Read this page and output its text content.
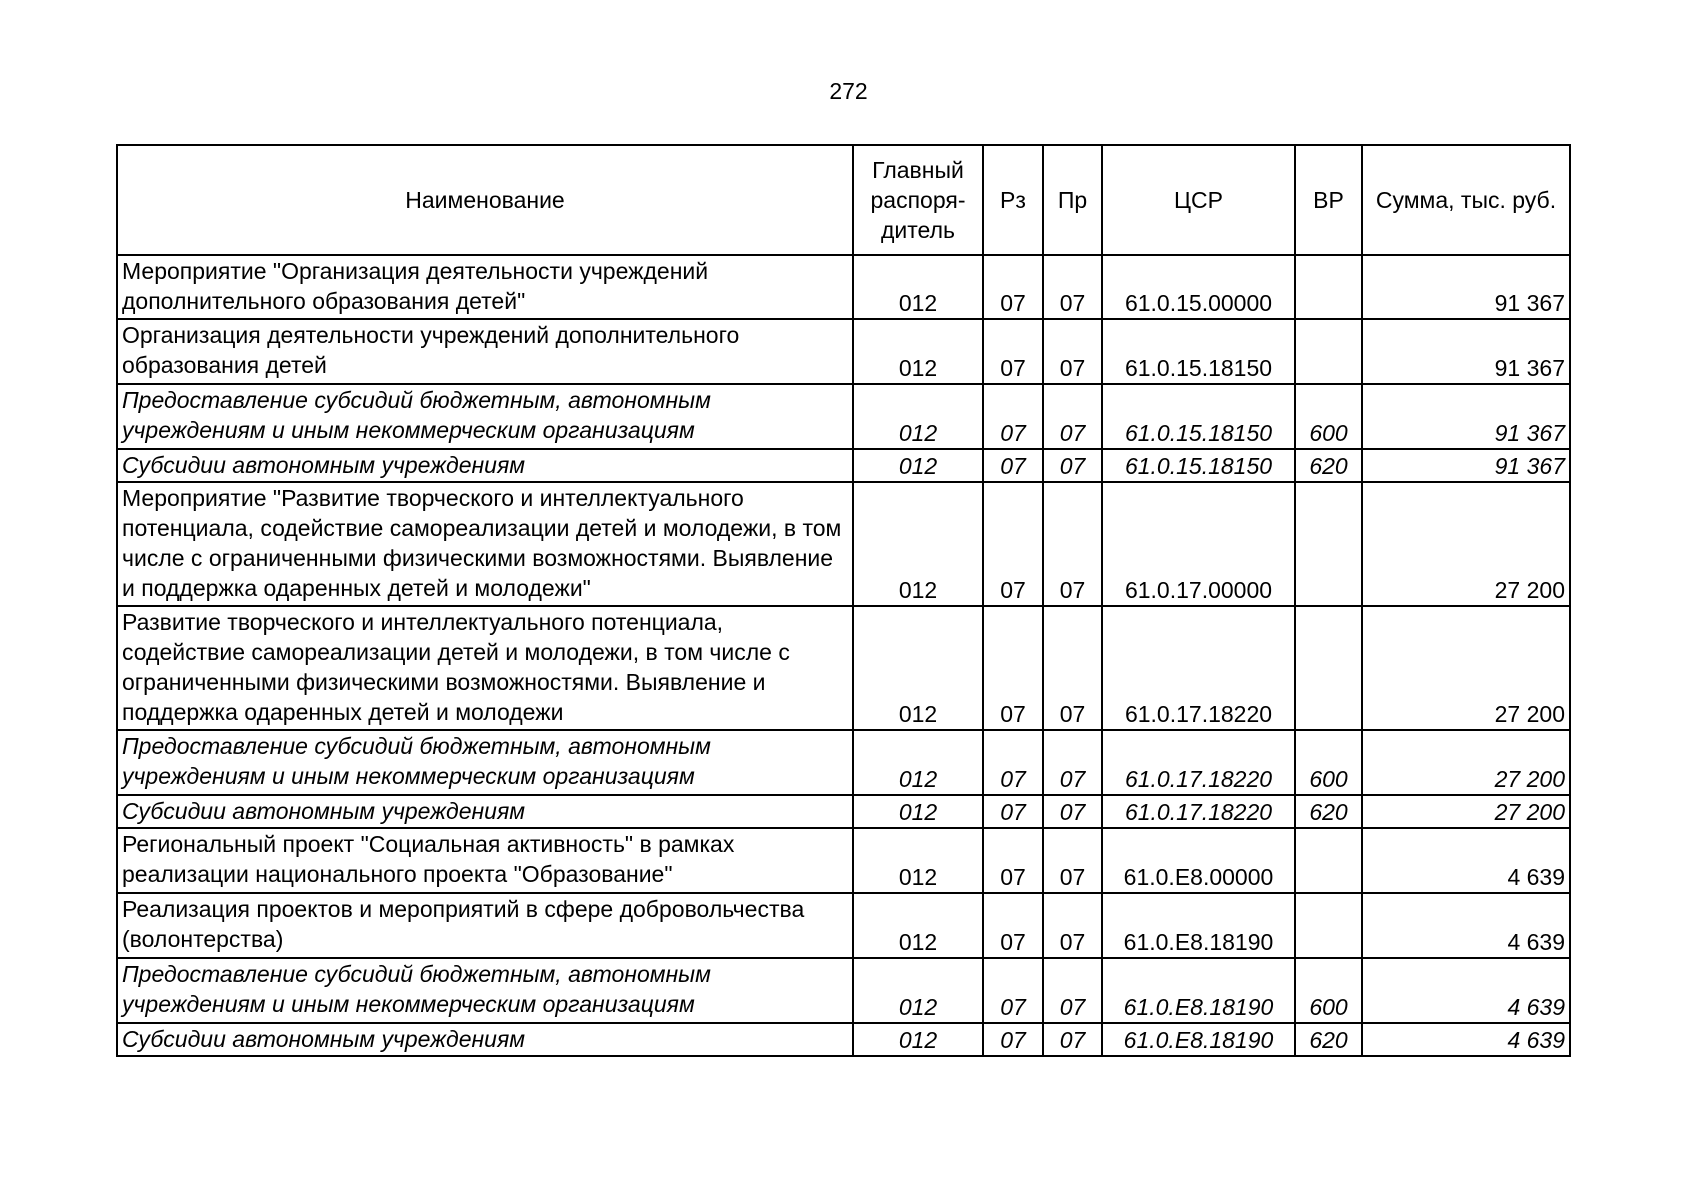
272
Наименование	Главный распоря- дитель	Рз	Пр	ЦСР	ВР	Сумма, тыс. руб.
Мероприятие "Организация деятельности учреждений дополнительного образования детей"	012	07	07	61.0.15.00000		91 367
Организация деятельности учреждений дополнительного образования детей	012	07	07	61.0.15.18150		91 367
Предоставление субсидий бюджетным, автономным учреждениям и иным некоммерческим организациям	012	07	07	61.0.15.18150	600	91 367
Субсидии автономным учреждениям	012	07	07	61.0.15.18150	620	91 367
Мероприятие "Развитие творческого и интеллектуального потенциала, содействие самореализации детей и молодежи, в том числе с ограниченными физическими возможностями. Выявление и поддержка одаренных детей и молодежи"	012	07	07	61.0.17.00000		27 200
Развитие творческого и интеллектуального потенциала, содействие самореализации детей и молодежи, в том числе с ограниченными физическими возможностями. Выявление и поддержка одаренных детей и молодежи	012	07	07	61.0.17.18220		27 200
Предоставление субсидий бюджетным, автономным учреждениям и иным некоммерческим организациям	012	07	07	61.0.17.18220	600	27 200
Субсидии автономным учреждениям	012	07	07	61.0.17.18220	620	27 200
Региональный проект "Социальная активность" в рамках реализации национального проекта "Образование"	012	07	07	61.0.E8.00000		4 639
Реализация проектов и мероприятий в сфере добровольчества (волонтерства)	012	07	07	61.0.E8.18190		4 639
Предоставление субсидий бюджетным, автономным учреждениям и иным некоммерческим организациям	012	07	07	61.0.E8.18190	600	4 639
Субсидии автономным учреждениям	012	07	07	61.0.E8.18190	620	4 639
